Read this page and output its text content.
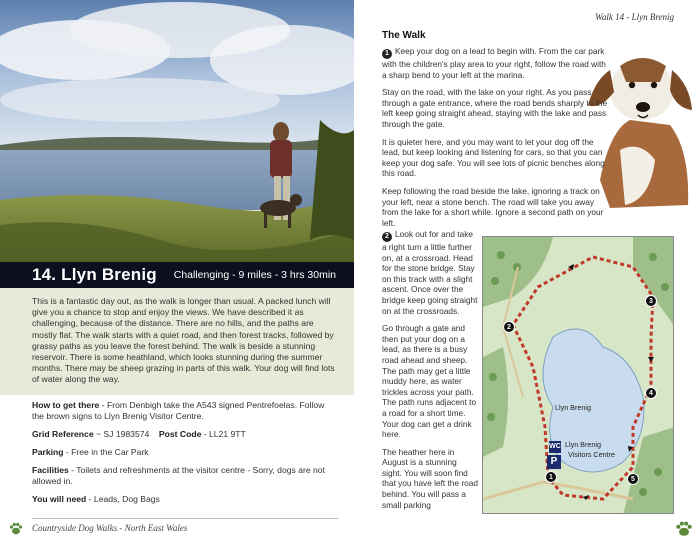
14. Llyn Brenig Challenging - 9 miles - 3 hrs 30min
This is a fantastic day out, as the walk is longer than usual. A packed lunch will give you a chance to stop and enjoy the views. We have described it as challenging, because of the distance. There are no hills, and the paths are mostly flat. The walk starts with a quiet road, and then forest tracks, followed by grassy paths as you leave the forest behind. The walk is beside a stunning reservoir. There is some heathland, which looks stunning during the summer months. There may be sheep grazing in parts of this walk. Your dog will find lots of water along the way.

How to get there - From Denbigh take the A543 signed Pentrefoelas. Follow the brown signs to Llyn Brenig Visitor Centre.

Grid Reference ~ SJ 1983574 Post Code - LL21 9TT

Parking - Free in the Car Park

Facilities - Toilets and refreshments at the visitor centre - Sorry, dogs are not allowed in.

You will need - Leads, Dog Bags

Countryside Dog Walks - North East Wales
Walk 14 - Llyn Brenig
The Walk

1 Keep your dog on a lead to begin with. From the car park with the children's play area to your right, follow the road with a sharp bend to your left at the marina.

Stay on the road, with the lake on your right. As you pass through a gate entrance, where the road bends sharply to the left keep going straight ahead, staying with the lake and pass through the gate.

It is quieter here, and you may want to let your dog off the lead, but keep looking and listening for cars, so that you can keep your dog safe. You will see lots of picnic benches along this road.

Keep following the road beside the lake, ignoring a track on your left, near a stone bench. The road will take you away from the lake for a short while. Ignore a second path on your left.

2 Look out for and take a right turn a little further on, at a crossroad. Head for the stone bridge. Stay on this track with a slight ascent. Once over the bridge keep going straight on at the crossroads.

Go through a gate and then put your dog on a lead, as there is a busy road ahead and sheep. The path may get a little muddy here, as water trickles across your path. The path runs adjacent to a road for a short time. Your dog can get a drink here.

The heather here in August is a stunning sight. You will soon find that you have left the road behind. You will pass a small parking

Llyn Brenig
Llyn Brenig
Visitors Centre
WC
P
1
2
3
4
5
